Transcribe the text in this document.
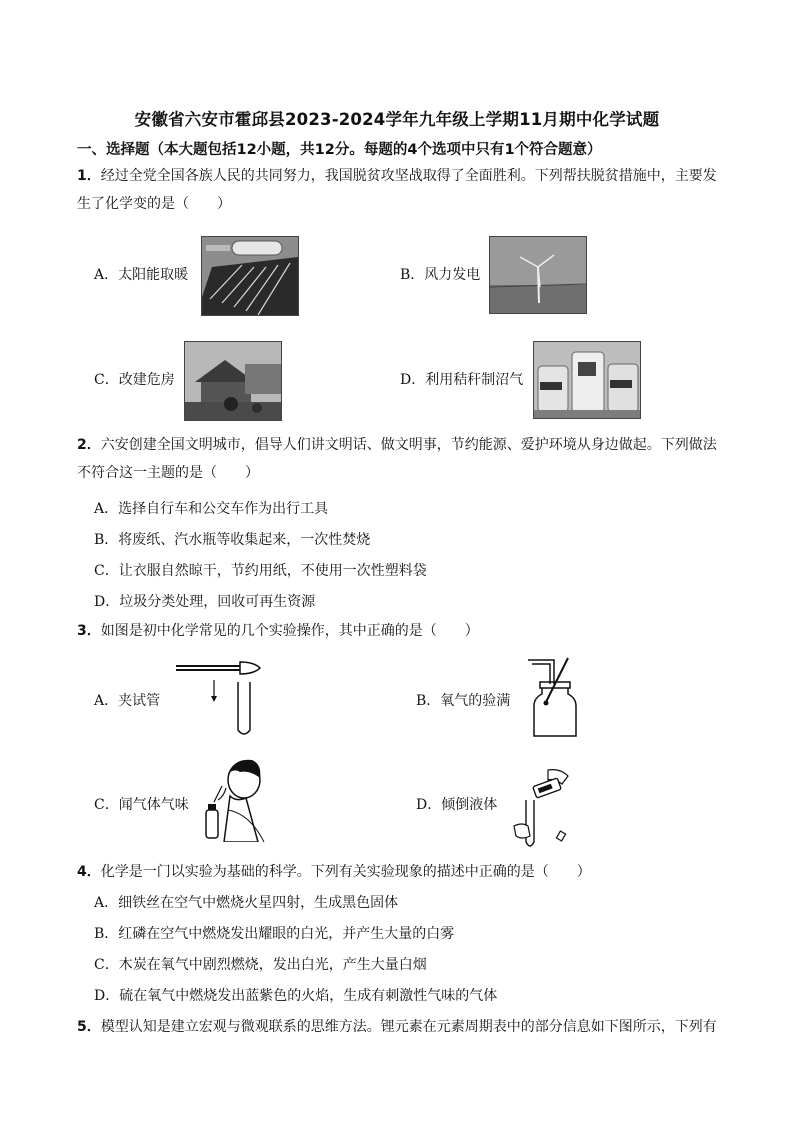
安徽省六安市霍邱县2023-2024学年九年级上学期11月期中化学试题
一、选择题（本大题包括12小题，共12分。每题的4个选项中只有1个符合题意）
1．经过全党全国各族人民的共同努力，我国脱贫攻坚战取得了全面胜利。下列帮扶脱贫措施中，主要发
生了化学变的是（　　）
A．太阳能取暖	B．风力发电
C．改建危房	D．利用秸秆制沼气
2．六安创建全国文明城市，倡导人们讲文明话、做文明事，节约能源、爱护环境从身边做起。下列做法
不符合这一主题的是（　　）
A．选择自行车和公交车作为出行工具
B．将废纸、汽水瓶等收集起来，一次性焚烧
C．让衣服自然晾干，节约用纸，不使用一次性塑料袋
D．垃圾分类处理，回收可再生资源
3．如图是初中化学常见的几个实验操作，其中正确的是（　　）
A．夹试管	B．氧气的验满
C．闻气体气味	D．倾倒液体
4．化学是一门以实验为基础的科学。下列有关实验现象的描述中正确的是（　　）
A．细铁丝在空气中燃烧火星四射，生成黑色固体
B．红磷在空气中燃烧发出耀眼的白光，并产生大量的白雾
C．木炭在氧气中剧烈燃烧，发出白光，产生大量白烟
D．硫在氧气中燃烧发出蓝紫色的火焰，生成有刺激性气味的气体
5．模型认知是建立宏观与微观联系的思维方法。锂元素在元素周期表中的部分信息如下图所示，下列有
